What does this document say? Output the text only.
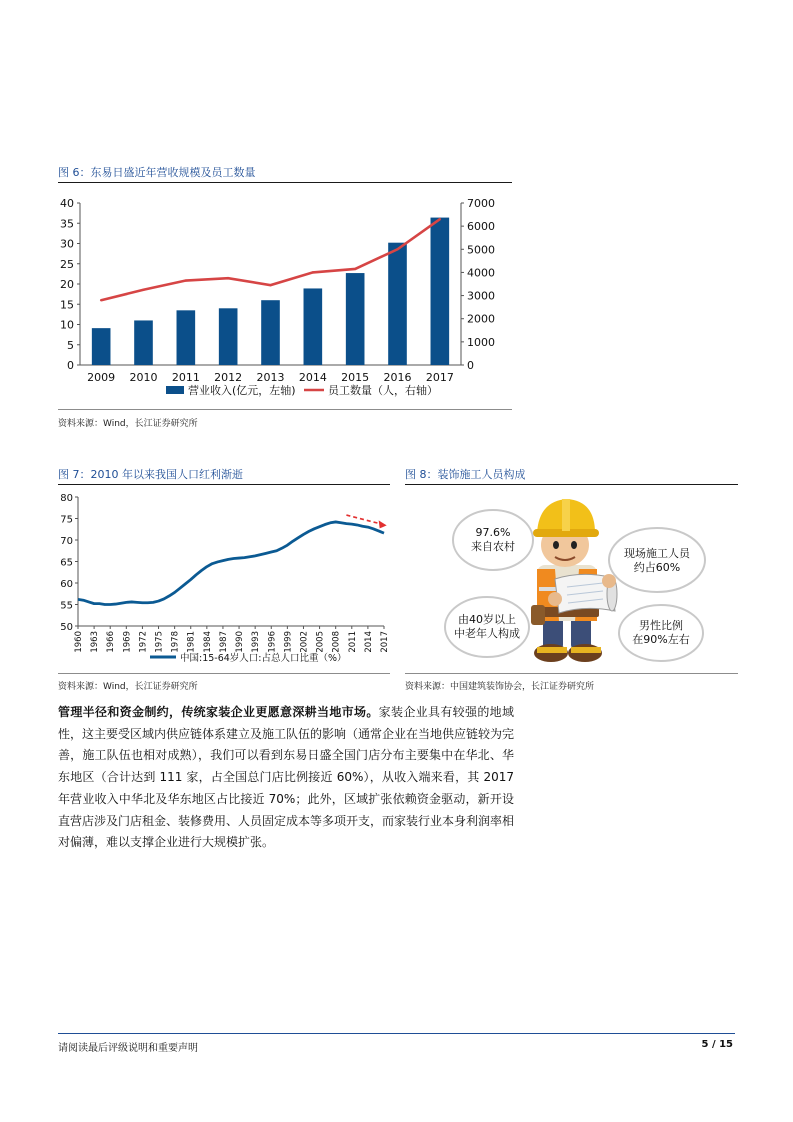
图 6：东易日盛近年营收规模及员工数量
0
5
10
15
20
25
30
35
40
0
1000
2000
3000
4000
5000
6000
7000
2009 2010 2011 2012 2013 2014 2015 2016 2017
营业收入(亿元，左轴)	员工数量（人，右轴）
资料来源：Wind，长江证券研究所
图 7：2010 年以来我国人口红利渐逝
50
55
60
65
70
75
80
1960 1963 1966 1969 1972 1975 1978 1981 1984 1987 1990 1993 1996 1999 2002 2005 2008 2011 2014 2017
中国:15-64岁人口:占总人口比重（%）
资料来源：Wind，长江证券研究所
图 8：装饰施工人员构成
97.6%
来自农村
现场施工人员
约占60%
由40岁以上
中老年人构成
男性比例
在90%左右
资料来源：中国建筑装饰协会，长江证券研究所
管理半径和资金制约，传统家装企业更愿意深耕当地市场。家装企业具有较强的地域性，这主要受区域内供应链体系建立及施工队伍的影响（通常企业在当地供应链较为完善，施工队伍也相对成熟），我们可以看到东易日盛全国门店分布主要集中在华北、华东地区（合计达到 111 家，占全国总门店比例接近 60%），从收入端来看，其 2017 年营业收入中华北及华东地区占比接近 70%；此外，区域扩张依赖资金驱动，新开设直营店涉及门店租金、装修费用、人员固定成本等多项开支，而家装行业本身利润率相对偏薄，难以支撑企业进行大规模扩张。
请阅读最后评级说明和重要声明	5 / 15
